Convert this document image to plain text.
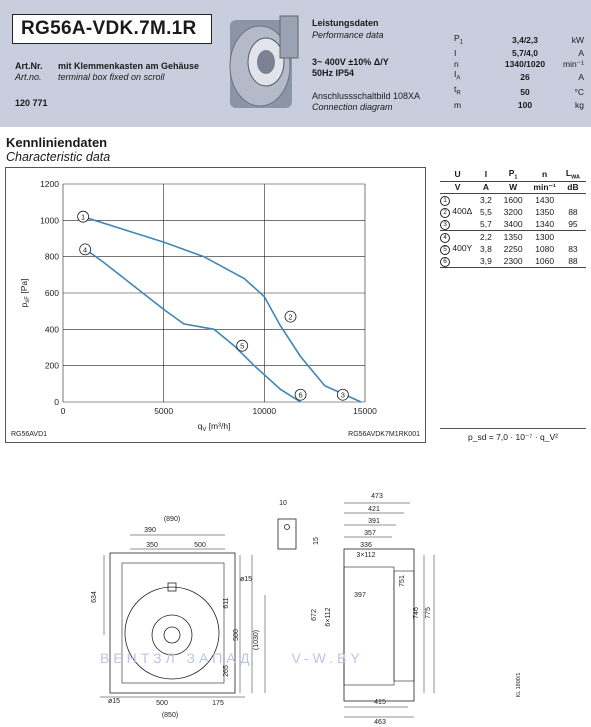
RG56A-VDK.7M.1R
Art.Nr. mit Klemmenkasten am Gehäuse
Art.no. terminal box fixed on scroll
120 771
Leistungsdaten
Performance data
3~ 400V ±10% Δ/Y
50Hz IP54
Anschlussschaltbild 108XA
Connection diagram
$P_1$	3,4/2,3	kW
I	5,7/4,0	A
n	1340/1020	min⁻¹
$I_A$	26	A
$t_R$	50	°C
m	100	kg
Kennliniendaten
Characteristic data
0	5000	10000	15000
0
200
400
600
800
1000
1200
$q_V$ [m³/h]
$p_{sF}$ [Pa]
1
2
3
4
5
6
RG56AVD1	RG56AVDK7M1RK001
U	I	$P_1$	n	$L_{WA}$
V	A	W	min⁻¹	dB
1	3,2	1600	1430	
2 400Δ	5,5	3200	1350	88
3	5,7	3400	1340	95
4	2,2	1350	1300	
5 400Y	3,8	2250	1080	83
6	3,9	2300	1060	88
p_sd = 7,0 · 10⁻⁷ · q_V²
(890)
390
350	500
634
ø15
611
500 (1030)
265
ø15	500	175
(850)
10
15
473
421
391
357
336
3×112
751
397
672 6×112	746 775
415
463
KL 1800/1
ВЕНТЗЛ ЗАПАД	V-W.BY
